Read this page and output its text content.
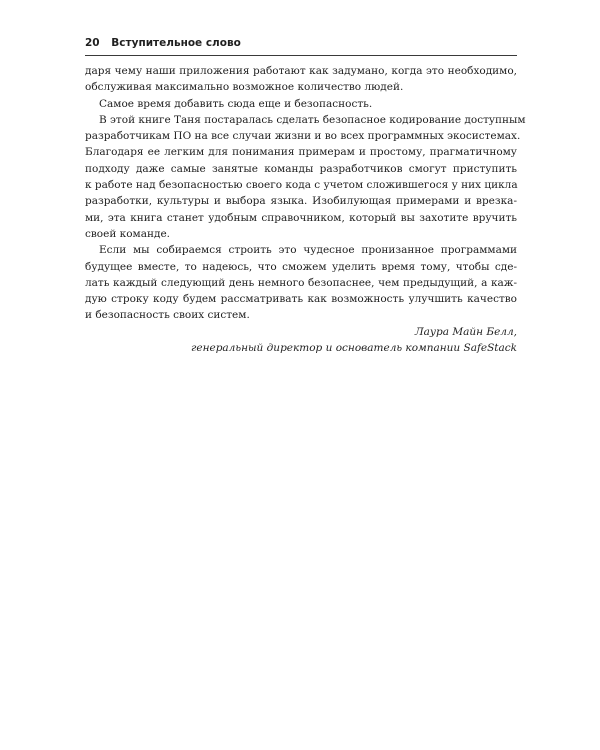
20 Вступительное слово
даря чему наши приложения работают как задумано, когда это необходимо,
обслуживая максимально возможное количество людей.
Самое время добавить сюда еще и безопасность.
В этой книге Таня постаралась сделать безопасное кодирование доступным
разработчикам ПО на все случаи жизни и во всех программных экосистемах.
Благодаря ее легким для понимания примерам и простому, прагматичному
подходу даже самые занятые команды разработчиков смогут приступить
к работе над безопасностью своего кода с учетом сложившегося у них цикла
разработки, культуры и выбора языка. Изобилующая примерами и врезка-
ми, эта книга станет удобным справочником, который вы захотите вручить
своей команде.
Если мы собираемся строить это чудесное пронизанное программами
будущее вместе, то надеюсь, что сможем уделить время тому, чтобы сде-
лать каждый следующий день немного безопаснее, чем предыдущий, а каж-
дую строку коду будем рассматривать как возможность улучшить качество
и безопасность своих систем.
Лаура Майн Белл,
генеральный директор и основатель компании SafeStack
